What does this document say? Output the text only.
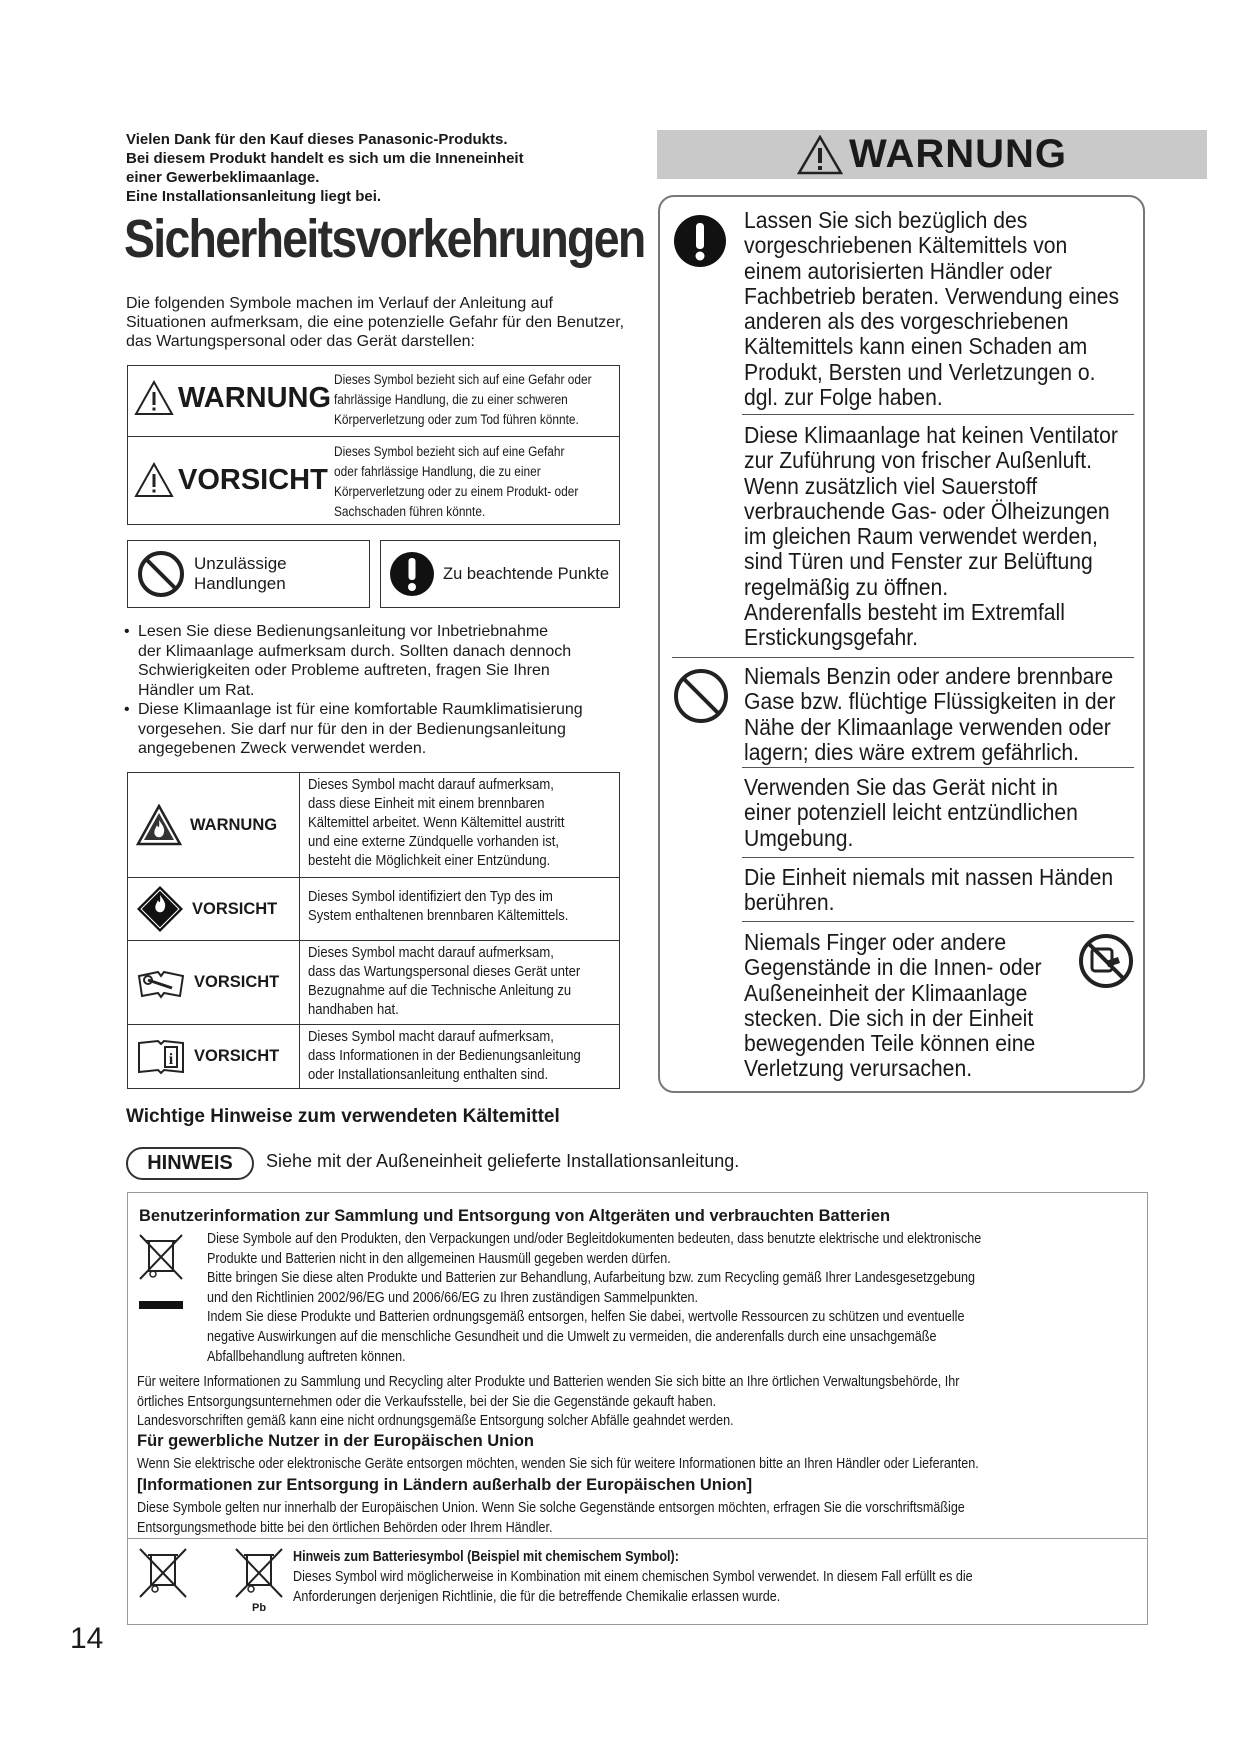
Vielen Dank für den Kauf dieses Panasonic-Produkts.
Bei diesem Produkt handelt es sich um die Inneneinheit
einer Gewerbeklimaanlage.
Eine Installationsanleitung liegt bei.
Sicherheitsvorkehrungen
Die folgenden Symbole machen im Verlauf der Anleitung auf Situationen aufmerksam, die eine potenzielle Gefahr für den Benutzer, das Wartungspersonal oder das Gerät darstellen:
WARNUNG
Dieses Symbol bezieht sich auf eine Gefahr oder
fahrlässige Handlung, die zu einer schweren
Körperverletzung oder zum Tod führen könnte.
VORSICHT
Dieses Symbol bezieht sich auf eine Gefahr
oder fahrlässige Handlung, die zu einer
Körperverletzung oder zu einem Produkt- oder
Sachschaden führen könnte.
Unzulässige
Handlungen
Zu beachtende Punkte
• Lesen Sie diese Bedienungsanleitung vor Inbetriebnahme
der Klimaanlage aufmerksam durch. Sollten danach dennoch
Schwierigkeiten oder Probleme auftreten, fragen Sie Ihren
Händler um Rat.
• Diese Klimaanlage ist für eine komfortable Raumklimatisierung
vorgesehen. Sie darf nur für den in der Bedienungsanleitung
angegebenen Zweck verwendet werden.
WARNUNG
Dieses Symbol macht darauf aufmerksam,
dass diese Einheit mit einem brennbaren
Kältemittel arbeitet. Wenn Kältemittel austritt
und eine externe Zündquelle vorhanden ist,
besteht die Möglichkeit einer Entzündung.
VORSICHT
Dieses Symbol identifiziert den Typ des im
System enthaltenen brennbaren Kältemittels.
VORSICHT
Dieses Symbol macht darauf aufmerksam,
dass das Wartungspersonal dieses Gerät unter
Bezugnahme auf die Technische Anleitung zu
handhaben hat.
i VORSICHT
Dieses Symbol macht darauf aufmerksam,
dass Informationen in der Bedienungsanleitung
oder Installationsanleitung enthalten sind.
Wichtige Hinweise zum verwendeten Kältemittel
HINWEIS	Siehe mit der Außeneinheit gelieferte Installationsanleitung.
WARNUNG
Lassen Sie sich bezüglich des
vorgeschriebenen Kältemittels von
einem autorisierten Händler oder
Fachbetrieb beraten. Verwendung eines
anderen als des vorgeschriebenen
Kältemittels kann einen Schaden am
Produkt, Bersten und Verletzungen o.
dgl. zur Folge haben.
Diese Klimaanlage hat keinen Ventilator
zur Zuführung von frischer Außenluft.
Wenn zusätzlich viel Sauerstoff
verbrauchende Gas- oder Ölheizungen
im gleichen Raum verwendet werden,
sind Türen und Fenster zur Belüftung
regelmäßig zu öffnen.
Anderenfalls besteht im Extremfall
Erstickungsgefahr.
Niemals Benzin oder andere brennbare
Gase bzw. flüchtige Flüssigkeiten in der
Nähe der Klimaanlage verwenden oder
lagern; dies wäre extrem gefährlich.
Verwenden Sie das Gerät nicht in
einer potenziell leicht entzündlichen
Umgebung.
Die Einheit niemals mit nassen Händen
berühren.
Niemals Finger oder andere
Gegenstände in die Innen- oder
Außeneinheit der Klimaanlage
stecken. Die sich in der Einheit
bewegenden Teile können eine
Verletzung verursachen.
Benutzerinformation zur Sammlung und Entsorgung von Altgeräten und verbrauchten Batterien
Diese Symbole auf den Produkten, den Verpackungen und/oder Begleitdokumenten bedeuten, dass benutzte elektrische und elektronische
Produkte und Batterien nicht in den allgemeinen Hausmüll gegeben werden dürfen.
Bitte bringen Sie diese alten Produkte und Batterien zur Behandlung, Aufarbeitung bzw. zum Recycling gemäß Ihrer Landesgesetzgebung
und den Richtlinien 2002/96/EG und 2006/66/EG zu Ihren zuständigen Sammelpunkten.
Indem Sie diese Produkte und Batterien ordnungsgemäß entsorgen, helfen Sie dabei, wertvolle Ressourcen zu schützen und eventuelle
negative Auswirkungen auf die menschliche Gesundheit und die Umwelt zu vermeiden, die anderenfalls durch eine unsachgemäße
Abfallbehandlung auftreten können.
Für weitere Informationen zu Sammlung und Recycling alter Produkte und Batterien wenden Sie sich bitte an Ihre örtlichen Verwaltungsbehörde, Ihr
örtliches Entsorgungsunternehmen oder die Verkaufsstelle, bei der Sie die Gegenstände gekauft haben.
Landesvorschriften gemäß kann eine nicht ordnungsgemäße Entsorgung solcher Abfälle geahndet werden.
Für gewerbliche Nutzer in der Europäischen Union
Wenn Sie elektrische oder elektronische Geräte entsorgen möchten, wenden Sie sich für weitere Informationen bitte an Ihren Händler oder Lieferanten.
[Informationen zur Entsorgung in Ländern außerhalb der Europäischen Union]
Diese Symbole gelten nur innerhalb der Europäischen Union. Wenn Sie solche Gegenstände entsorgen möchten, erfragen Sie die vorschriftsmäßige
Entsorgungsmethode bitte bei den örtlichen Behörden oder Ihrem Händler.
Pb
Hinweis zum Batteriesymbol (Beispiel mit chemischem Symbol):
Dieses Symbol wird möglicherweise in Kombination mit einem chemischen Symbol verwendet. In diesem Fall erfüllt es die
Anforderungen derjenigen Richtlinie, die für die betreffende Chemikalie erlassen wurde.
14
